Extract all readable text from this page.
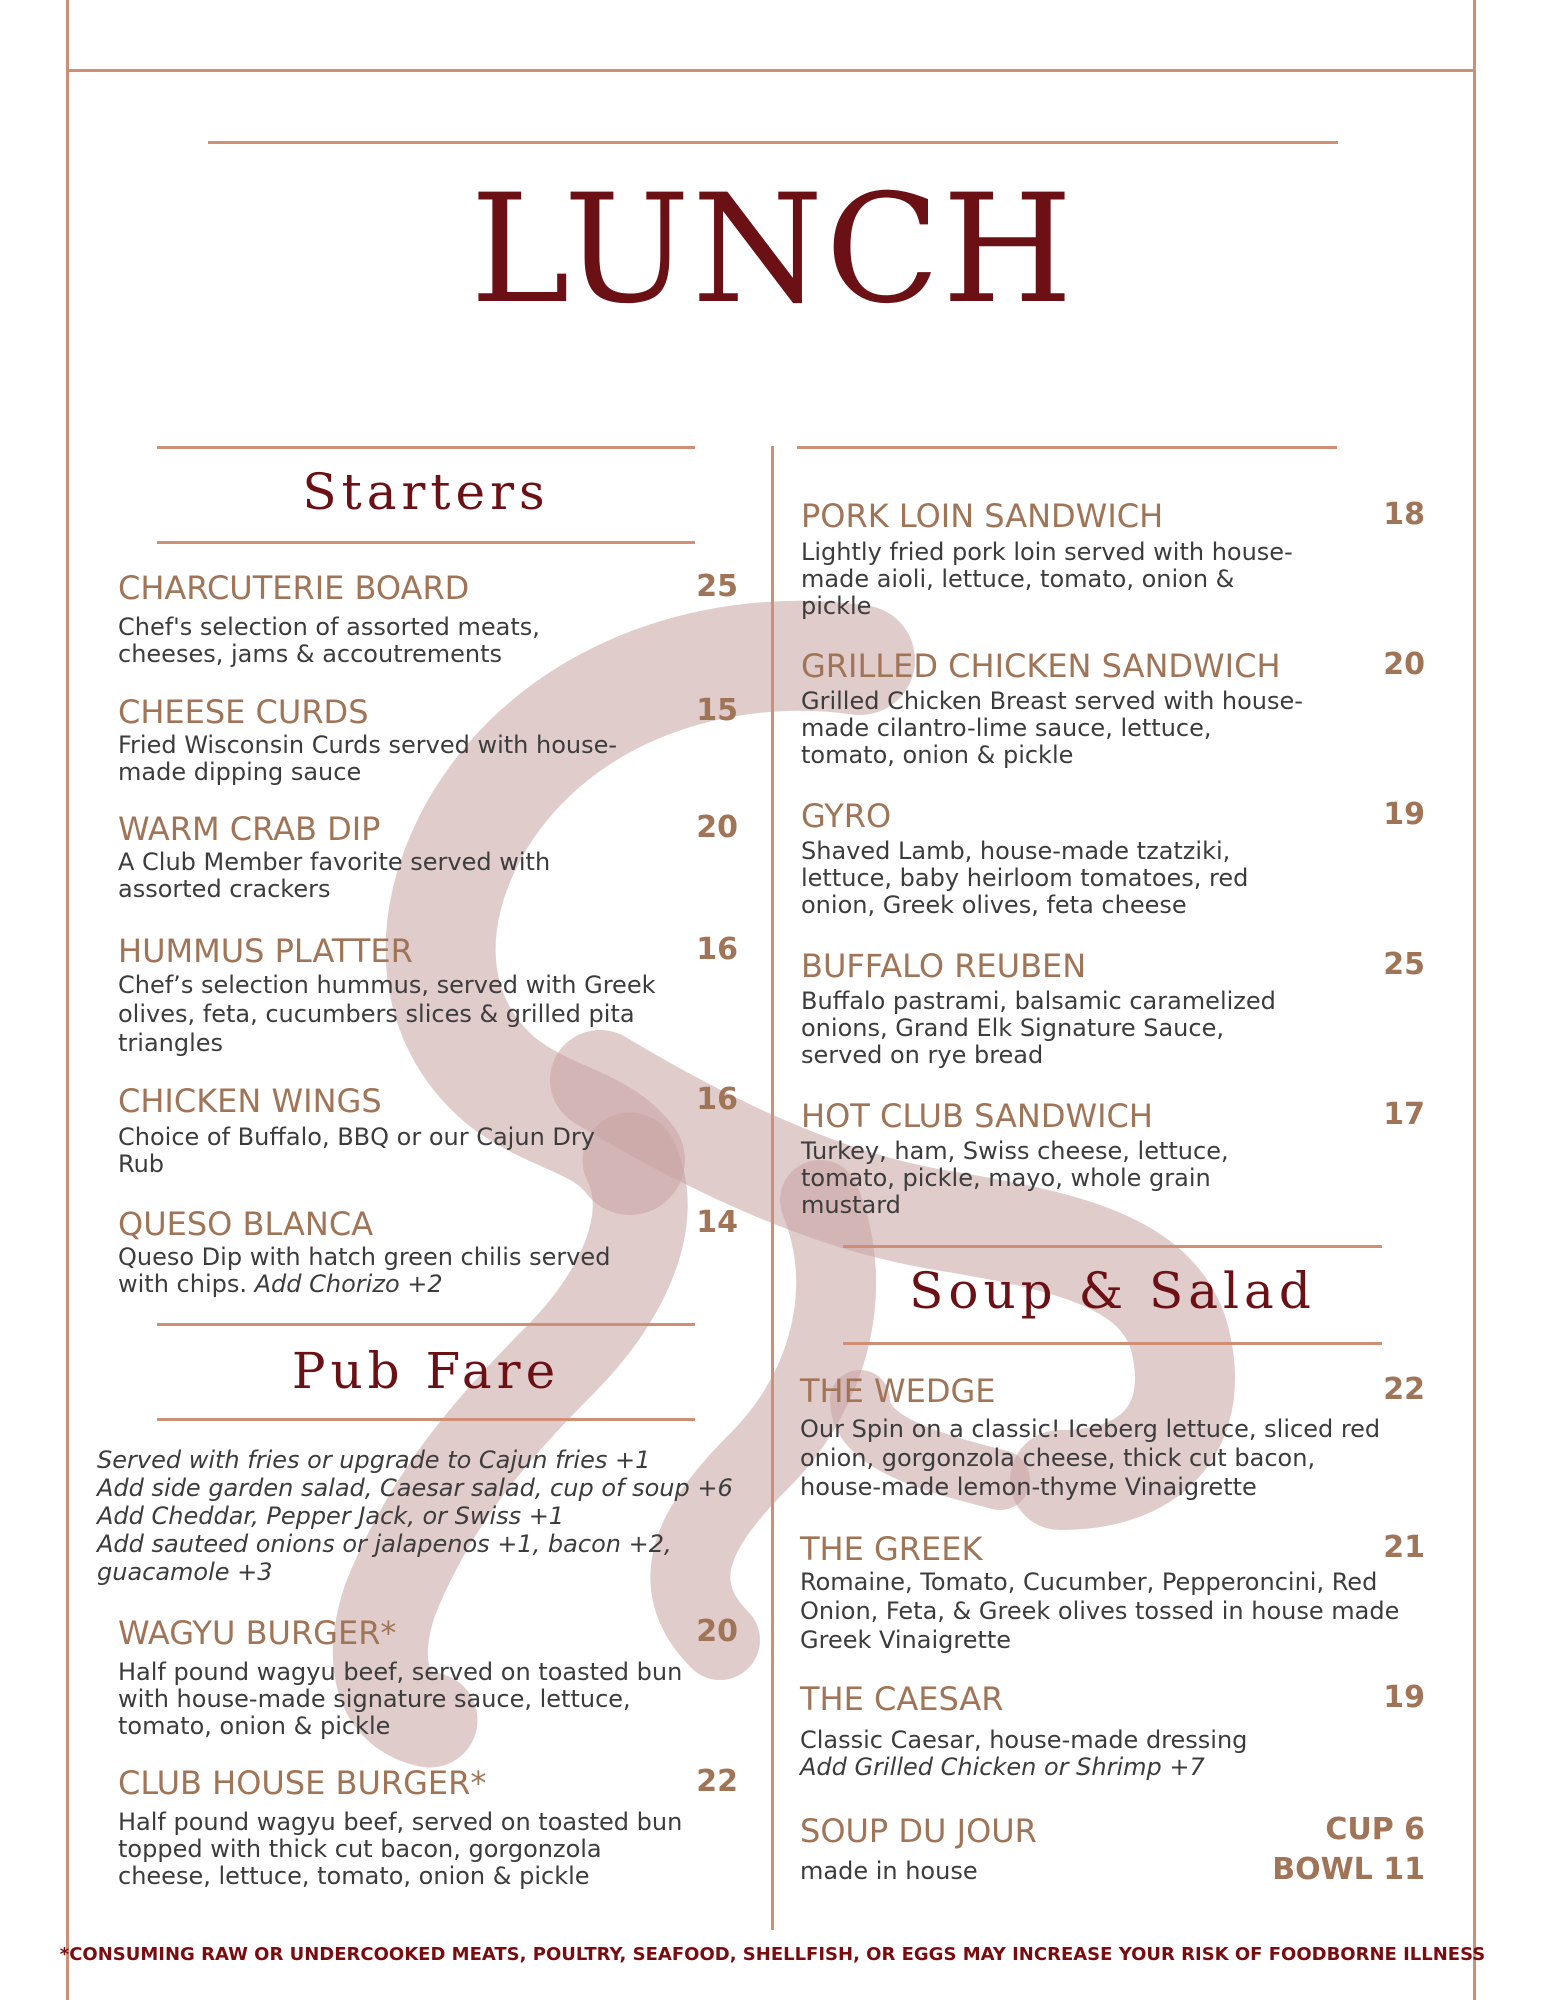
LUNCH
Starters
Pub Fare
Soup & Salad
CHARCUTERIE BOARD	25
Chef's selection of assorted meats,
cheeses, jams & accoutrements
CHEESE CURDS	15
Fried Wisconsin Curds served with house-
made dipping sauce
WARM CRAB DIP	20
A Club Member favorite served with
assorted crackers
HUMMUS PLATTER	16
Chef’s selection hummus, served with Greek
olives, feta, cucumbers slices & grilled pita
triangles
CHICKEN WINGS	16
Choice of Buffalo, BBQ or our Cajun Dry
Rub
QUESO BLANCA	14
Queso Dip with hatch green chilis served
with chips. Add Chorizo +2
Served with fries or upgrade to Cajun fries +1
Add side garden salad, Caesar salad, cup of soup +6
Add Cheddar, Pepper Jack, or Swiss +1
Add sauteed onions or jalapenos +1, bacon +2,
guacamole +3
WAGYU BURGER*	20
Half pound wagyu beef, served on toasted bun
with house-made signature sauce, lettuce,
tomato, onion & pickle
CLUB HOUSE BURGER*	22
Half pound wagyu beef, served on toasted bun
topped with thick cut bacon, gorgonzola
cheese, lettuce, tomato, onion & pickle
PORK LOIN SANDWICH	18
Lightly fried pork loin served with house-
made aioli, lettuce, tomato, onion &
pickle
GRILLED CHICKEN SANDWICH	20
Grilled Chicken Breast served with house-
made cilantro-lime sauce, lettuce,
tomato, onion & pickle
GYRO	19
Shaved Lamb, house-made tzatziki,
lettuce, baby heirloom tomatoes, red
onion, Greek olives, feta cheese
BUFFALO REUBEN	25
Buffalo pastrami, balsamic caramelized
onions, Grand Elk Signature Sauce,
served on rye bread
HOT CLUB SANDWICH	17
Turkey, ham, Swiss cheese, lettuce,
tomato, pickle, mayo, whole grain
mustard
THE WEDGE	22
Our Spin on a classic! Iceberg lettuce, sliced red
onion, gorgonzola cheese, thick cut bacon,
house-made lemon-thyme Vinaigrette
THE GREEK	21
Romaine, Tomato, Cucumber, Pepperoncini, Red
Onion, Feta, & Greek olives tossed in house made
Greek Vinaigrette
THE CAESAR	19
Classic Caesar, house-made dressing
Add Grilled Chicken or Shrimp +7
SOUP DU JOUR	CUP 6
BOWL 11
made in house
*CONSUMING RAW OR UNDERCOOKED MEATS, POULTRY, SEAFOOD, SHELLFISH, OR EGGS MAY INCREASE YOUR RISK OF FOODBORNE ILLNESS
